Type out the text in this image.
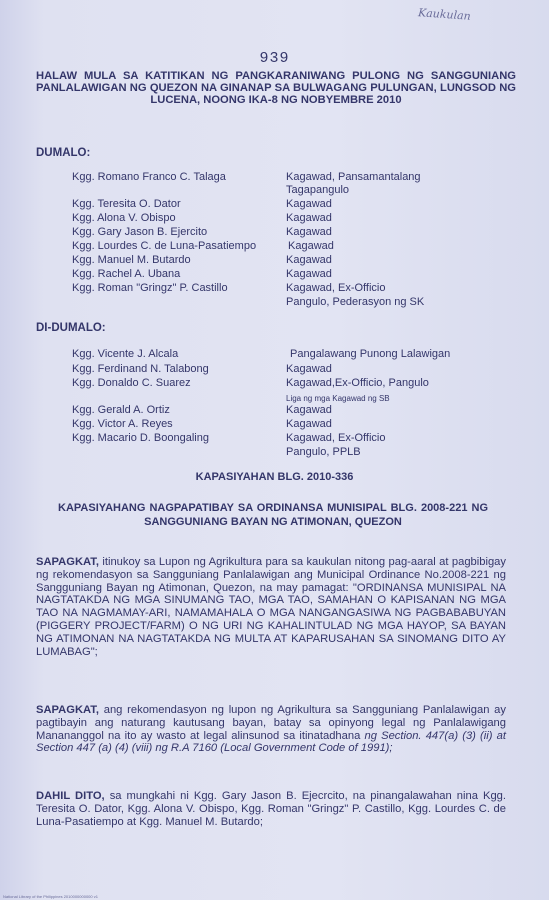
Kaukulan
939
HALAW MULA SA KATITIKAN NG PANGKARANIWANG PULONG NG SANGGUNIANG PANLALAWIGAN NG QUEZON NA GINANAP SA BULWAGANG PULUNGAN, LUNGSOD NG LUCENA, NOONG IKA-8 NG NOBYEMBRE 2010
DUMALO:
Kgg. Romano Franco C. Talaga	Kagawad, Pansamantalang
Tagapangulo
Kgg. Teresita O. Dator	Kagawad
Kgg. Alona V. Obispo	Kagawad
Kgg. Gary Jason B. Ejercito	Kagawad
Kgg. Lourdes C. de Luna-Pasatiempo	Kagawad
Kgg. Manuel M. Butardo	Kagawad
Kgg. Rachel A. Ubana	Kagawad
Kgg. Roman "Gringz" P. Castillo	Kagawad, Ex-Officio
Pangulo, Pederasyon ng SK
DI-DUMALO:
Kgg. Vicente J. Alcala	Pangalawang Punong Lalawigan
Kgg. Ferdinand N. Talabong	Kagawad
Kgg. Donaldo C. Suarez	Kagawad,Ex-Officio, Pangulo
Liga ng mga Kagawad ng SB
Kgg. Gerald A. Ortiz	Kagawad
Kgg. Victor A. Reyes	Kagawad
Kgg. Macario D. Boongaling	Kagawad, Ex-Officio
Pangulo, PPLB
KAPASIYAHAN BLG. 2010-336
KAPASIYAHANG NAGPAPATIBAY SA ORDINANSA MUNISIPAL BLG. 2008-221 NG SANGGUNIANG BAYAN NG ATIMONAN, QUEZON
SAPAGKAT, itinukoy sa Lupon ng Agrikultura para sa kaukulan nitong pag-aaral at pagbibigay ng rekomendasyon sa Sangguniang Panlalawigan ang Municipal Ordinance No.2008-221 ng Sangguniang Bayan ng Atimonan, Quezon, na may pamagat: "ORDINANSA MUNISIPAL NA NAGTATAKDA NG MGA SINUMANG TAO, MGA TAO, SAMAHAN O KAPISANAN NG MGA TAO NA NAGMAMAY-ARI, NAMAMAHALA O MGA NANGANGASIWA NG PAGBABABUYAN (PIGGERY PROJECT/FARM) O NG URI NG KAHALINTULAD NG MGA HAYOP, SA BAYAN NG ATIMONAN NA NAGTATAKDA NG MULTA AT KAPARUSAHAN SA SINOMANG DITO AY LUMABAG";
SAPAGKAT, ang rekomendasyon ng lupon ng Agrikultura sa Sangguniang Panlalawigan ay pagtibayin ang naturang kautusang bayan, batay sa opinyong legal ng Panlalawigang Manananggol na ito ay wasto at legal alinsunod sa itinatadhana ng Section. 447(a) (3) (ii) at Section 447 (a) (4) (viii) ng R.A 7160 (Local Government Code of 1991);
DAHIL DITO, sa mungkahi ni Kgg. Gary Jason B. Ejecrcito, na pinangalawahan nina Kgg. Teresita O. Dator, Kgg. Alona V. Obispo, Kgg. Roman "Gringz" P. Castillo, Kgg. Lourdes C. de Luna-Pasatiempo at Kgg. Manuel M. Butardo;
National Library of the Philippines 2010000000000 v1
